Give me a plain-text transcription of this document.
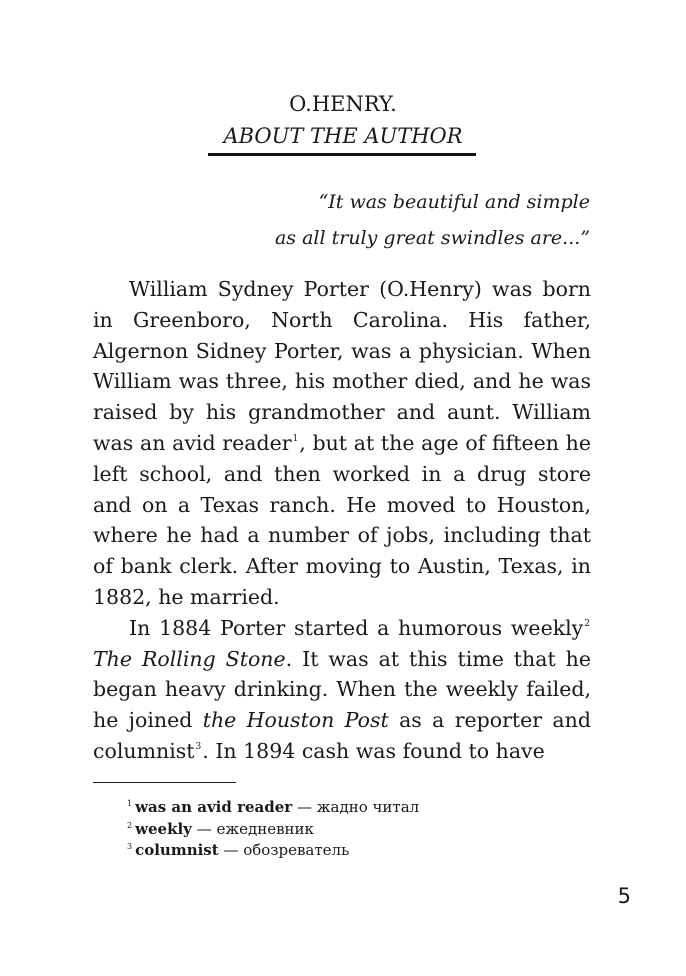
O.HENRY.
ABOUT THE AUTHOR
“It was beautiful and simple
as all truly great swindles are...”

William Sydney Porter (O.Henry) was born in Greenboro, North Carolina. His father, Algernon Sidney Porter, was a physician. When William was three, his mother died, and he was raised by his grandmother and aunt. William was an avid reader$^1$, but at the age of fifteen he left school, and then worked in a drug store and on a Texas ranch. He moved to Houston, where he had a number of jobs, including that of bank clerk. After moving to Austin, Texas, in 1882, he married.

In 1884 Porter started a humorous weekly$^2$ The Rolling Stone. It was at this time that he began heavy drinking. When the weekly failed, he joined the Houston Post as a reporter and columnist$^3$. In 1894 cash was found to have

$^1$ was an avid reader — жадно читал
$^2$ weekly — ежедневник
$^3$ columnist — обозреватель
5
